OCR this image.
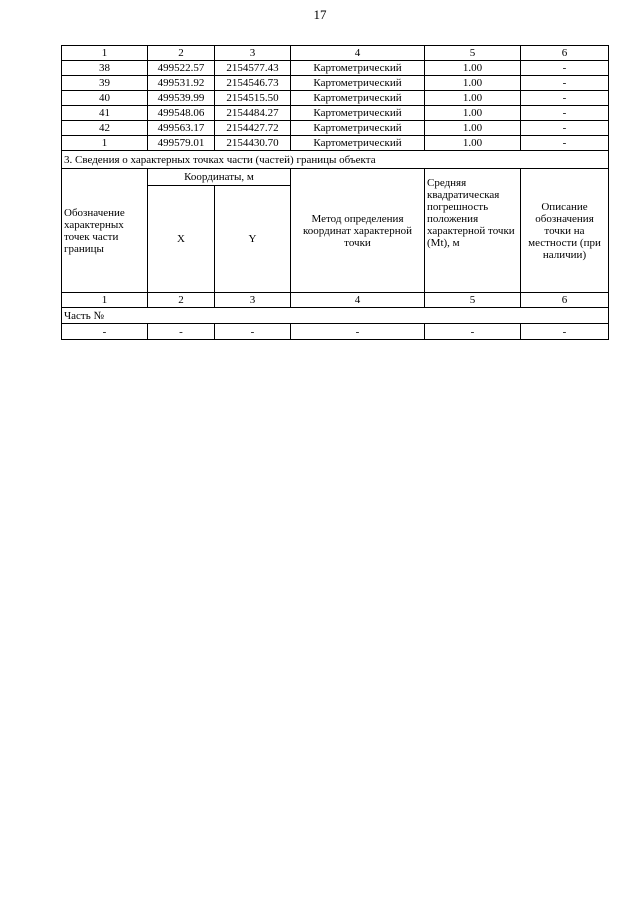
17
1	2	3	4	5	6
38	499522.57	2154577.43	Картометрический	1.00	-
39	499531.92	2154546.73	Картометрический	1.00	-
40	499539.99	2154515.50	Картометрический	1.00	-
41	499548.06	2154484.27	Картометрический	1.00	-
42	499563.17	2154427.72	Картометрический	1.00	-
1	499579.01	2154430.70	Картометрический	1.00	-
3. Сведения о характерных точках части (частей) границы объекта					
Обозначение характерных точек части границы	Координаты, м		Метод определения координат характерной точки	Средняя квадратическая погрешность положения характерной точки (Mt), м	Описание обозначения точки на местности (при наличии)
	X	Y			
1	2	3	4	5	6
Часть №					
-	-	-	-	-	-
